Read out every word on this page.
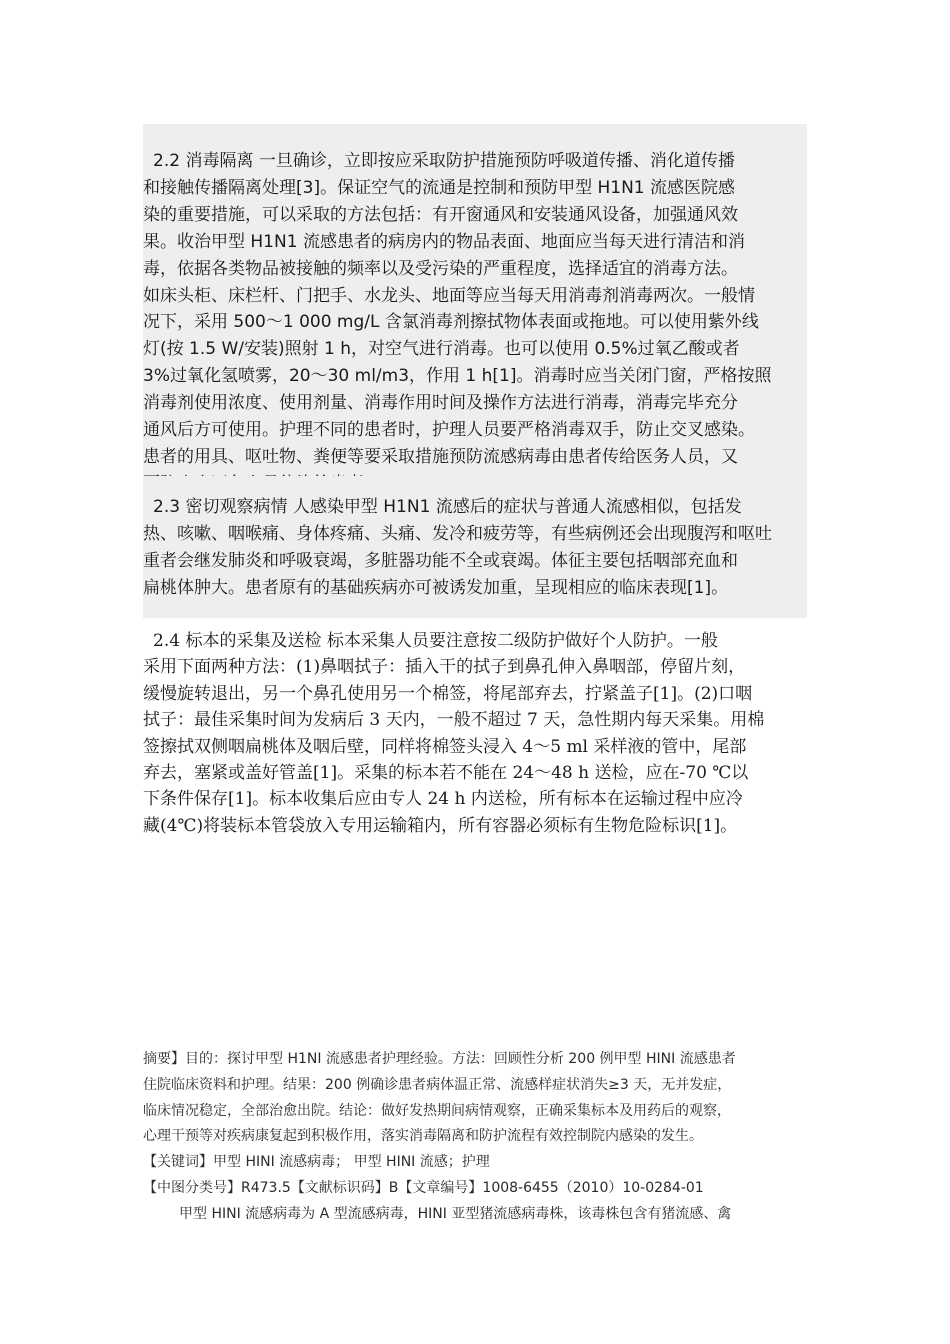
2.2 消毒隔离 一旦确诊，立即按应采取防护措施预防呼吸道传播、消化道传播
和接触传播隔离处理[3]。保证空气的流通是控制和预防甲型 H1N1 流感医院感
染的重要措施，可以采取的方法包括：有开窗通风和安装通风设备，加强通风效
果。收治甲型 H1N1 流感患者的病房内的物品表面、地面应当每天进行清洁和消
毒，依据各类物品被接触的频率以及受污染的严重程度，选择适宜的消毒方法。
如床头柜、床栏杆、门把手、水龙头、地面等应当每天用消毒剂消毒两次。一般情
况下，采用 500～1 000 mg/L 含氯消毒剂擦拭物体表面或拖地。可以使用紫外线
灯(按 1.5 W/安装)照射 1 h，对空气进行消毒。也可以使用 0.5%过氧乙酸或者
3%过氧化氢喷雾，20～30 ml/m3，作用 1 h[1]。消毒时应当关闭门窗，严格按照
消毒剂使用浓度、使用剂量、消毒作用时间及操作方法进行消毒，消毒完毕充分
通风后方可使用。护理不同的患者时，护理人员要严格消毒双手，防止交叉感染。
患者的用具、呕吐物、粪便等要采取措施预防流感病毒由患者传给医务人员，又
2.3 密切观察病情 人感染甲型 H1N1 流感后的症状与普通人流感相似，包括发
热、咳嗽、咽喉痛、身体疼痛、头痛、发冷和疲劳等，有些病例还会出现腹泻和呕吐
重者会继发肺炎和呼吸衰竭，多脏器功能不全或衰竭。体征主要包括咽部充血和
扁桃体肿大。患者原有的基础疾病亦可被诱发加重，呈现相应的临床表现[1]。
2.4 标本的采集及送检 标本采集人员要注意按二级防护做好个人防护。一般
采用下面两种方法：(1)鼻咽拭子：插入干的拭子到鼻孔伸入鼻咽部，停留片刻，
缓慢旋转退出，另一个鼻孔使用另一个棉签，将尾部弃去，拧紧盖子[1]。(2)口咽
拭子：最佳采集时间为发病后 3 天内，一般不超过 7 天，急性期内每天采集。用棉
签擦拭双侧咽扁桃体及咽后壁，同样将棉签头浸入 4～5 ml 采样液的管中，尾部
弃去，塞紧或盖好管盖[1]。采集的标本若不能在 24～48 h 送检，应在-70 ℃以
下条件保存[1]。标本收集后应由专人 24 h 内送检，所有标本在运输过程中应冷
藏(4℃)将装标本管袋放入专用运输箱内，所有容器必须标有生物危险标识[1]。
摘要】目的：探讨甲型 H1NI 流感患者护理经验。方法：回顾性分析 200 例甲型 HINI 流感患者
住院临床资料和护理。结果：200 例确诊患者病体温正常、流感样症状消失≥3 天，无并发症，
临床情况稳定，全部治愈出院。结论：做好发热期间病情观察，正确采集标本及用药后的观察，
心理干预等对疾病康复起到积极作用，落实消毒隔离和防护流程有效控制院内感染的发生。
【关键词】甲型 HINI 流感病毒； 甲型 HINI 流感；护理
【中图分类号】R473.5【文献标识码】B【文章编号】1008-6455（2010）10-0284-01
甲型 HINI 流感病毒为 A 型流感病毒，HINI 亚型猪流感病毒株，该毒株包含有猪流感、禽
